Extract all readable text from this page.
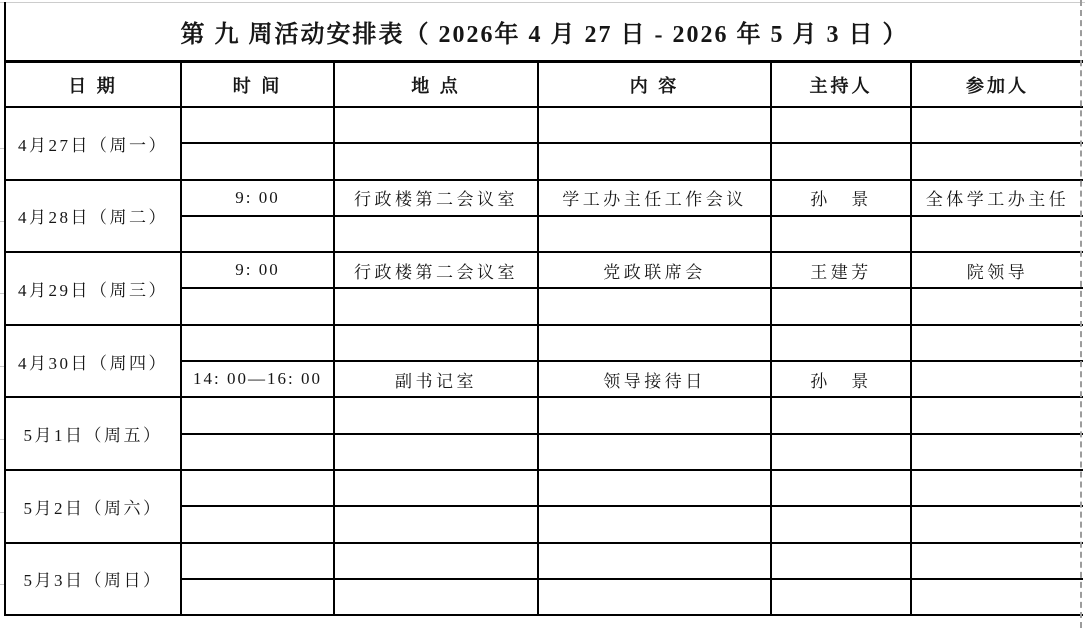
第 九 周活动安排表（ 2026年 4 月 27 日 - 2026 年 5 月 3 日 ）					
日 期	时 间	地 点	内 容	主持人	参加人
4月27日（周一）					

4月28日（周二）	9: 00	行政楼第二会议室	学工办主任工作会议	孙　景	全体学工办主任

4月29日（周三）	9: 00	行政楼第二会议室	党政联席会	王建芳	院领导

4月30日（周四）					
	14: 00—16: 00	副书记室	领导接待日	孙　景	
5月1日（周五）					

5月2日（周六）					

5月3日（周日）					
